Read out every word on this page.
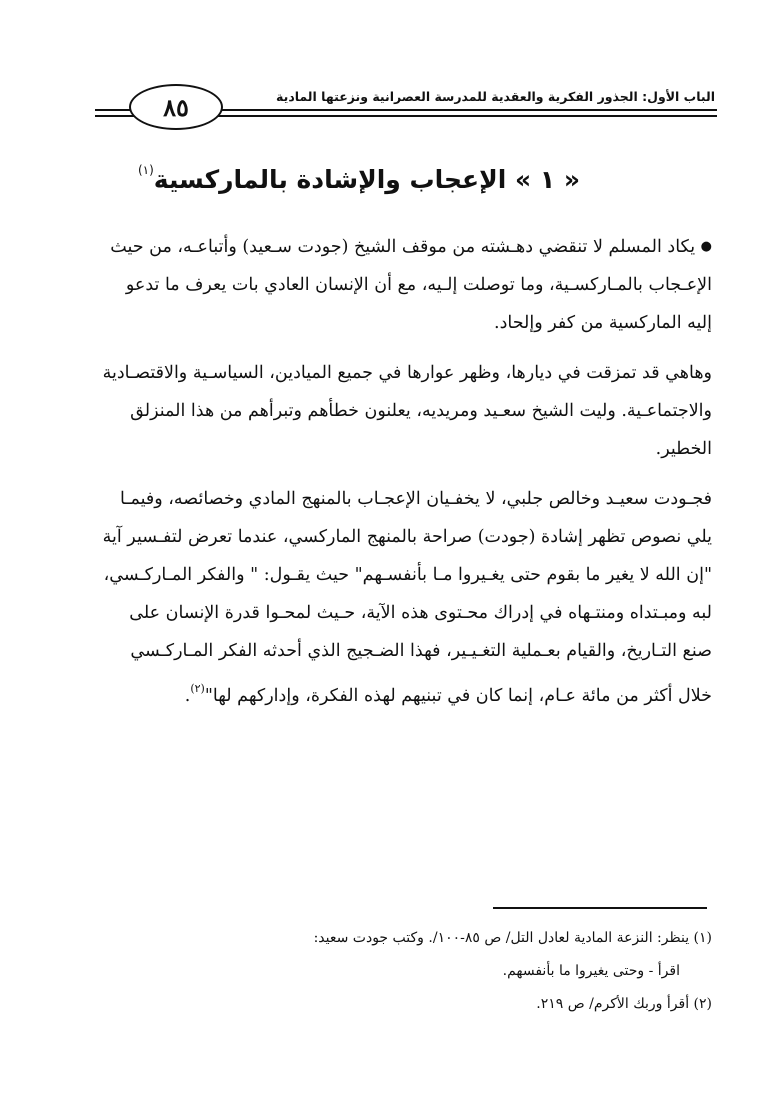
الباب الأول: الجذور الفكرية والعقدية للمدرسة العصرانية ونزعتها المادية
٨٥
« ١ » الإعجاب والإشادة بالماركسية$^{(١)}$

● يكاد المسلم لا تنقضي دهـشته من موقف الشيخ (جودت سـعيد) وأتباعـه، من حيث الإعـجاب بالمـاركسـية، وما توصلت إلـيه، مع أن الإنسان العادي بات يعرف ما تدعو إليه الماركسية من كفر وإلحاد.

وهاهي قد تمزقت في ديارها، وظهر عوارها في جميع الميادين، السياسـية والاقتصـادية والاجتماعـية. وليت الشيخ سعـيد ومريديه، يعلنون خطأهم وتبرأهم من هذا المنزلق الخطير.

فجـودت سعيـد وخالص جلبي، لا يخفـيان الإعجـاب بالمنهج المادي وخصائصه، وفيمـا يلي نصوص تظهر إشادة (جودت) صراحة بالمنهج الماركسي، عندما تعرض لتفـسير آية "إن الله لا يغير ما بقوم حتى يغـيروا مـا بأنفسـهم" حيث يقـول: " والفكر المـاركـسي، لبه ومبـتداه ومنتـهاه في إدراك محـتوى هذه الآية، حـيث لمحـوا قدرة الإنسان على صنع التـاريخ، والقيام بعـملية التغـيـير، فهذا الضـجيج الذي أحدثه الفكر المـاركـسي خلال أكثر من مائة عـام، إنما كان في تبنيهم لهذه الفكرة، وإداركهم لها"$^{(٢)}$.

(١) ينظر: النزعة المادية لعادل التل/ ص ٨٥-١٠٠/. وكتب جودت سعيد:
اقرأ - وحتى يغيروا ما بأنفسهم.
(٢) أقرأ وربك الأكرم/ ص ٢١٩.
